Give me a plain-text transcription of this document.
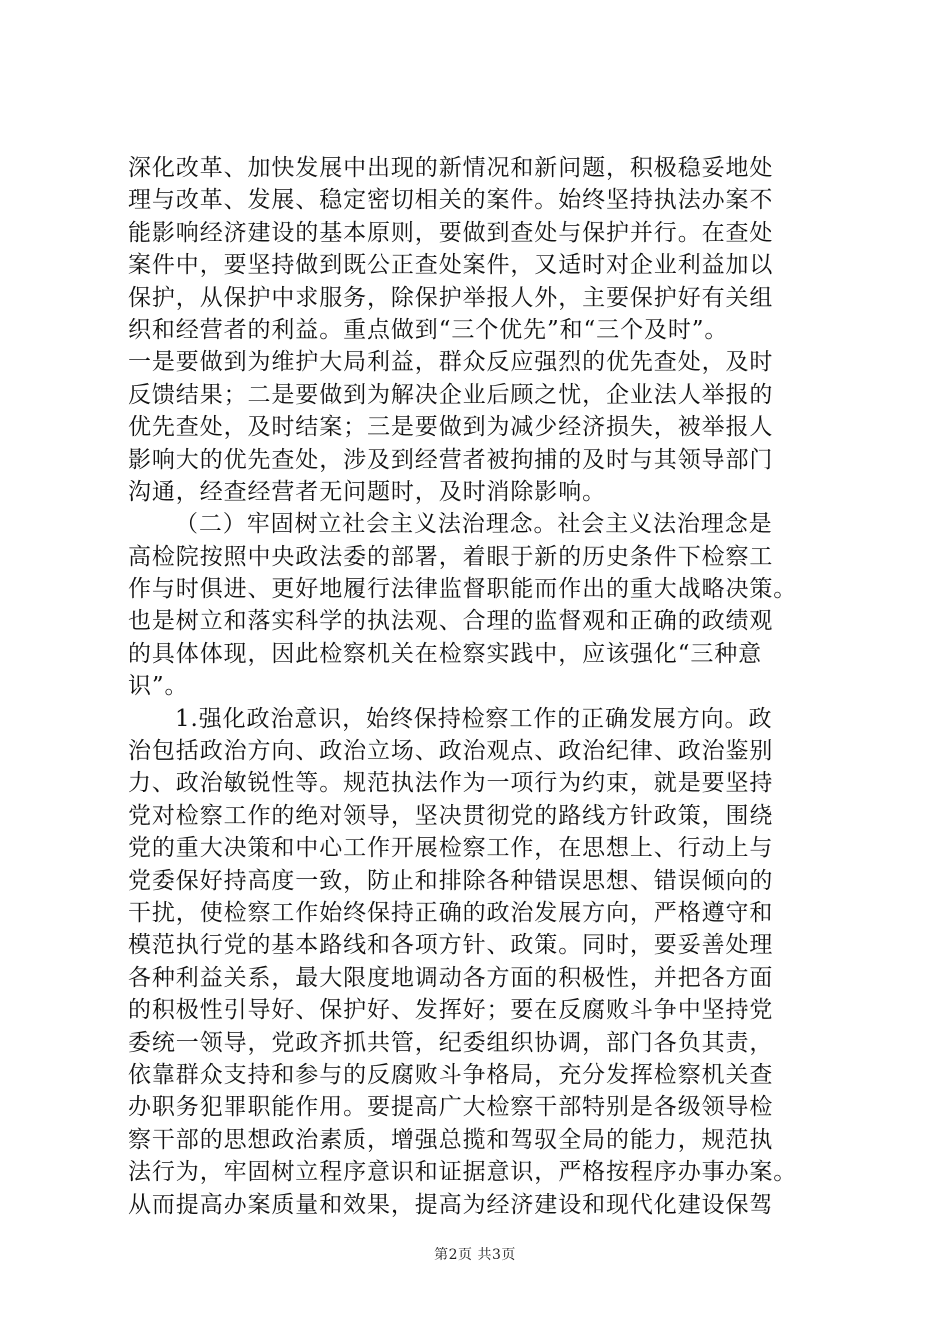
深化改革、加快发展中出现的新情况和新问题，积极稳妥地处
理与改革、发展、稳定密切相关的案件。始终坚持执法办案不
能影响经济建设的基本原则，要做到查处与保护并行。在查处
案件中，要坚持做到既公正查处案件，又适时对企业利益加以
保护，从保护中求服务，除保护举报人外，主要保护好有关组
织和经营者的利益。重点做到“三个优先”和“三个及时”。
一是要做到为维护大局利益，群众反应强烈的优先查处，及时
反馈结果；二是要做到为解决企业后顾之忧，企业法人举报的
优先查处，及时结案；三是要做到为减少经济损失，被举报人
影响大的优先查处，涉及到经营者被拘捕的及时与其领导部门
沟通，经查经营者无问题时，及时消除影响。
（二）牢固树立社会主义法治理念。社会主义法治理念是
高检院按照中央政法委的部署，着眼于新的历史条件下检察工
作与时俱进、更好地履行法律监督职能而作出的重大战略决策。
也是树立和落实科学的执法观、合理的监督观和正确的政绩观
的具体体现，因此检察机关在检察实践中，应该强化“三种意
识”。
1.强化政治意识，始终保持检察工作的正确发展方向。政
治包括政治方向、政治立场、政治观点、政治纪律、政治鉴别
力、政治敏锐性等。规范执法作为一项行为约束，就是要坚持
党对检察工作的绝对领导，坚决贯彻党的路线方针政策，围绕
党的重大决策和中心工作开展检察工作，在思想上、行动上与
党委保好持高度一致，防止和排除各种错误思想、错误倾向的
干扰，使检察工作始终保持正确的政治发展方向，严格遵守和
模范执行党的基本路线和各项方针、政策。同时，要妥善处理
各种利益关系，最大限度地调动各方面的积极性，并把各方面
的积极性引导好、保护好、发挥好；要在反腐败斗争中坚持党
委统一领导，党政齐抓共管，纪委组织协调，部门各负其责，
依靠群众支持和参与的反腐败斗争格局，充分发挥检察机关查
办职务犯罪职能作用。要提高广大检察干部特别是各级领导检
察干部的思想政治素质，增强总揽和驾驭全局的能力，规范执
法行为，牢固树立程序意识和证据意识，严格按程序办事办案。
从而提高办案质量和效果，提高为经济建设和现代化建设保驾
第2页 共3页
